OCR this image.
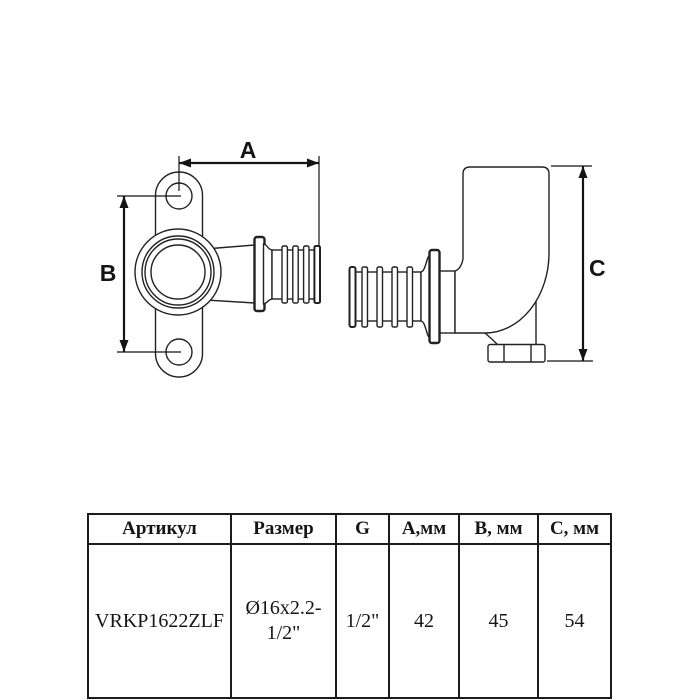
A
B	C
Артикул	Размер	G	А,мм	В, мм	С, мм
VRKP1622ZLF	Ø16x2.2-1/2"	1/2"	42	45	54
